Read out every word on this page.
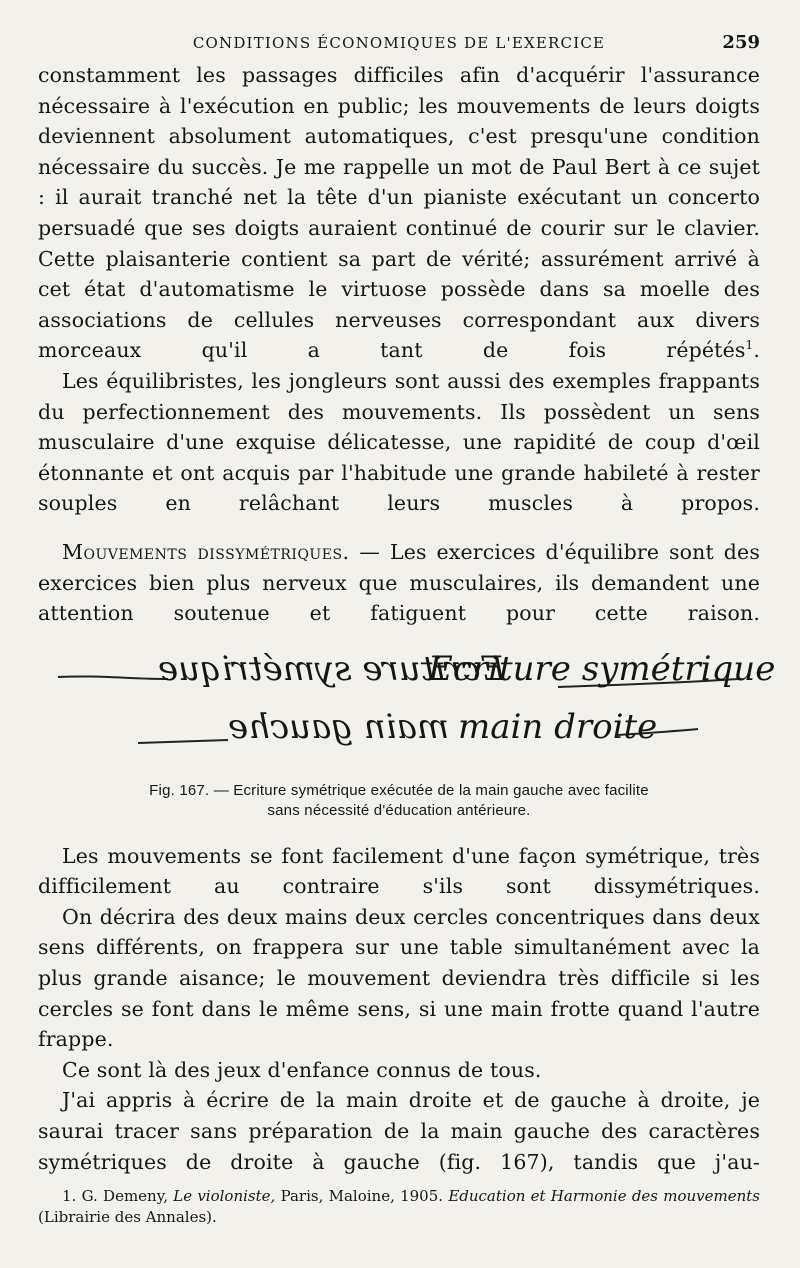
CONDITIONS ÉCONOMIQUES DE L'EXERCICE	259

constamment les passages difficiles afin d'acquérir l'assurance nécessaire à l'exécution en public; les mouvements de leurs doigts deviennent absolument automatiques, c'est presqu'une condition nécessaire du succès. Je me rappelle un mot de Paul Bert à ce sujet : il aurait tranché net la tête d'un pianiste exécutant un concerto persuadé que ses doigts auraient continué de courir sur le clavier. Cette plaisanterie contient sa part de vérité; assurément arrivé à cet état d'automatisme le virtuose possède dans sa moelle des associations de cellules nerveuses correspondant aux divers morceaux qu'il a tant de fois répétés$^1$.

Les équilibristes, les jongleurs sont aussi des exemples frappants du perfectionnement des mouvements. Ils possèdent un sens musculaire d'une exquise délicatesse, une rapidité de coup d'œil étonnante et ont acquis par l'habitude une grande habileté à rester souples en relâchant leurs muscles à propos.

Mouvements dissymétriques. — Les exercices d'équilibre sont des exercices bien plus nerveux que musculaires, ils demandent une attention soutenue et fatiguent pour cette raison.

Ecriture symétrique
Ecriture symétrique
main gauche main droite
Fig. 167. — Ecriture symétrique exécutée de la main gauche avec facilite
sans nécessité d'éducation antérieure.

Les mouvements se font facilement d'une façon symétrique, très difficilement au contraire s'ils sont dissymétriques.

On décrira des deux mains deux cercles concentriques dans deux sens différents, on frappera sur une table simultanément avec la plus grande aisance; le mouvement deviendra très difficile si les cercles se font dans le même sens, si une main frotte quand l'autre frappe.

Ce sont là des jeux d'enfance connus de tous.

J'ai appris à écrire de la main droite et de gauche à droite, je saurai tracer sans préparation de la main gauche des caractères symétriques de droite à gauche (fig. 167), tandis que j'au-

1. G. Demeny, Le violoniste, Paris, Maloine, 1905. Education et Harmonie des mouvements (Librairie des Annales).
